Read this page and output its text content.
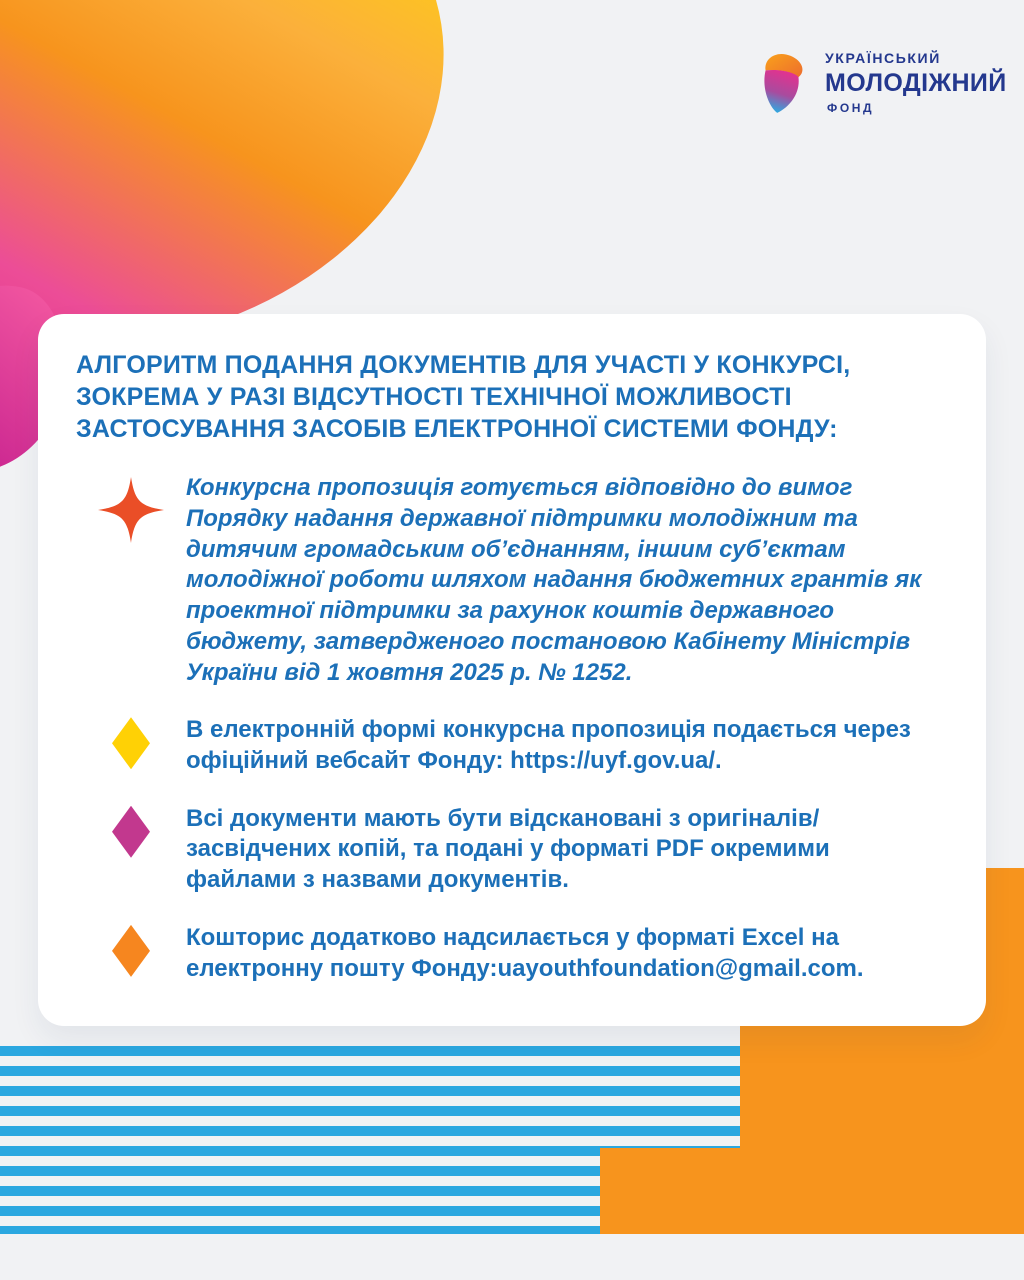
УКРАЇНСЬКИЙ
МОЛОДІЖНИЙ
ФОНД
АЛГОРИТМ ПОДАННЯ ДОКУМЕНТІВ ДЛЯ УЧАСТІ У КОНКУРСІ, ЗОКРЕМА У РАЗІ ВІДСУТНОСТІ ТЕХНІЧНОЇ МОЖЛИВОСТІ ЗАСТОСУВАННЯ ЗАСОБІВ ЕЛЕКТРОННОЇ СИСТЕМИ ФОНДУ:

Конкурсна пропозиція готується відповідно до вимог Порядку надання державної підтримки молодіжним та дитячим громадським об’єднанням, іншим суб’єктам молодіжної роботи шляхом надання бюджетних грантів як проектної підтримки за рахунок коштів державного бюджету, затвердженого постановою Кабінету Міністрів України від 1 жовтня 2025 р. № 1252.

В електронній формі конкурсна пропозиція подається через офіційний вебсайт Фонду: https://uyf.gov.ua/.

Всі документи мають бути відскановані з оригіналів/ засвідчених копій, та подані у форматі PDF окремими файлами з назвами документів.

Кошторис додатково надсилається у форматі Excel на електронну пошту Фонду:uayouthfoundation@gmail.com.
